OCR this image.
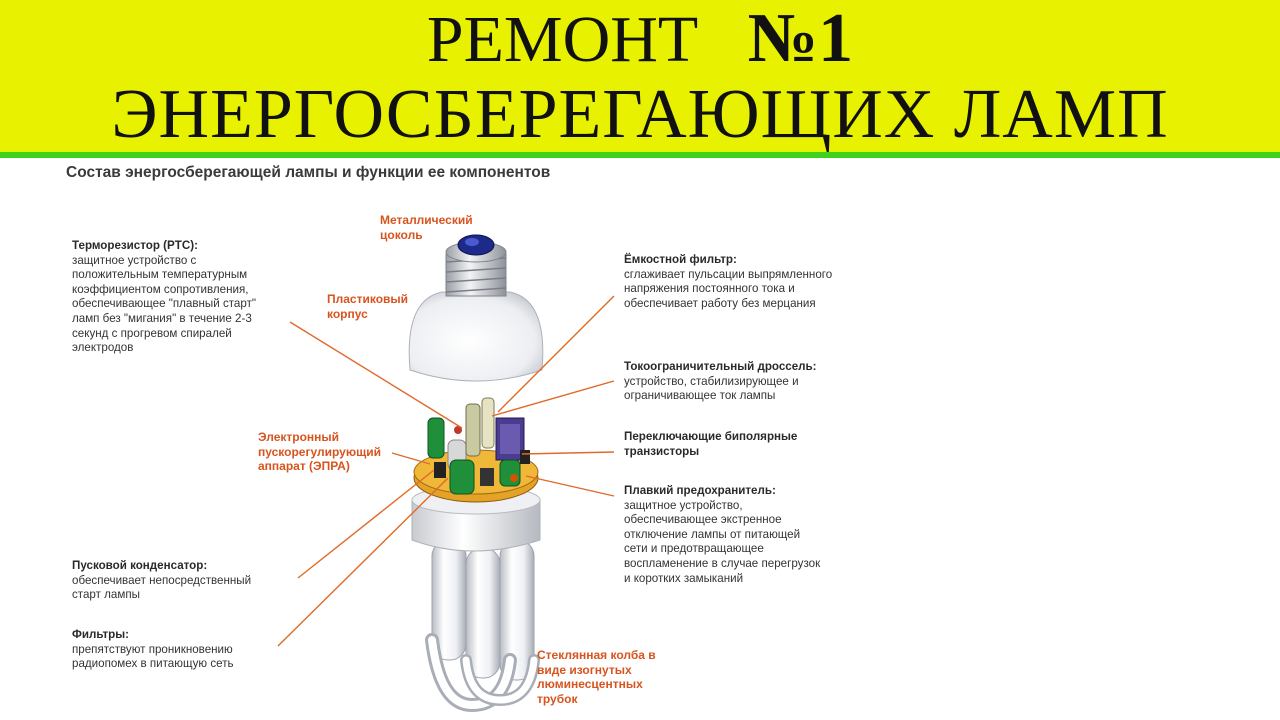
РЕМОНТ №1
ЭНЕРГОСБЕРЕГАЮЩИХ ЛАМП
Состав энергосберегающей лампы и функции ее компонентов
Терморезистор (PTC):
защитное устройство с
положительным температурным
коэффициентом сопротивления,
обеспечивающее "плавный старт"
ламп без "мигания" в течение 2-3
секунд с прогревом спиралей
электродов
Пусковой конденсатор:
обеспечивает непосредственный
старт лампы
Фильтры:
препятствуют проникновению
радиопомех в питающую сеть
Ёмкостной фильтр:
сглаживает пульсации выпрямленного
напряжения постоянного тока и
обеспечивает работу без мерцания
Токоограничительный дроссель:
устройство, стабилизирующее и
ограничивающее ток лампы
Переключающие биполярные
транзисторы
Плавкий предохранитель:
защитное устройство,
обеспечивающее экстренное
отключение лампы от питающей
сети и предотвращающее
воспламенение в случае перегрузок
и коротких замыканий
Металлический
цоколь
Пластиковый
корпус
Электронный
пускорегулирующий
аппарат (ЭПРА)
Стеклянная колба в
виде изогнутых
люминесцентных
трубок
